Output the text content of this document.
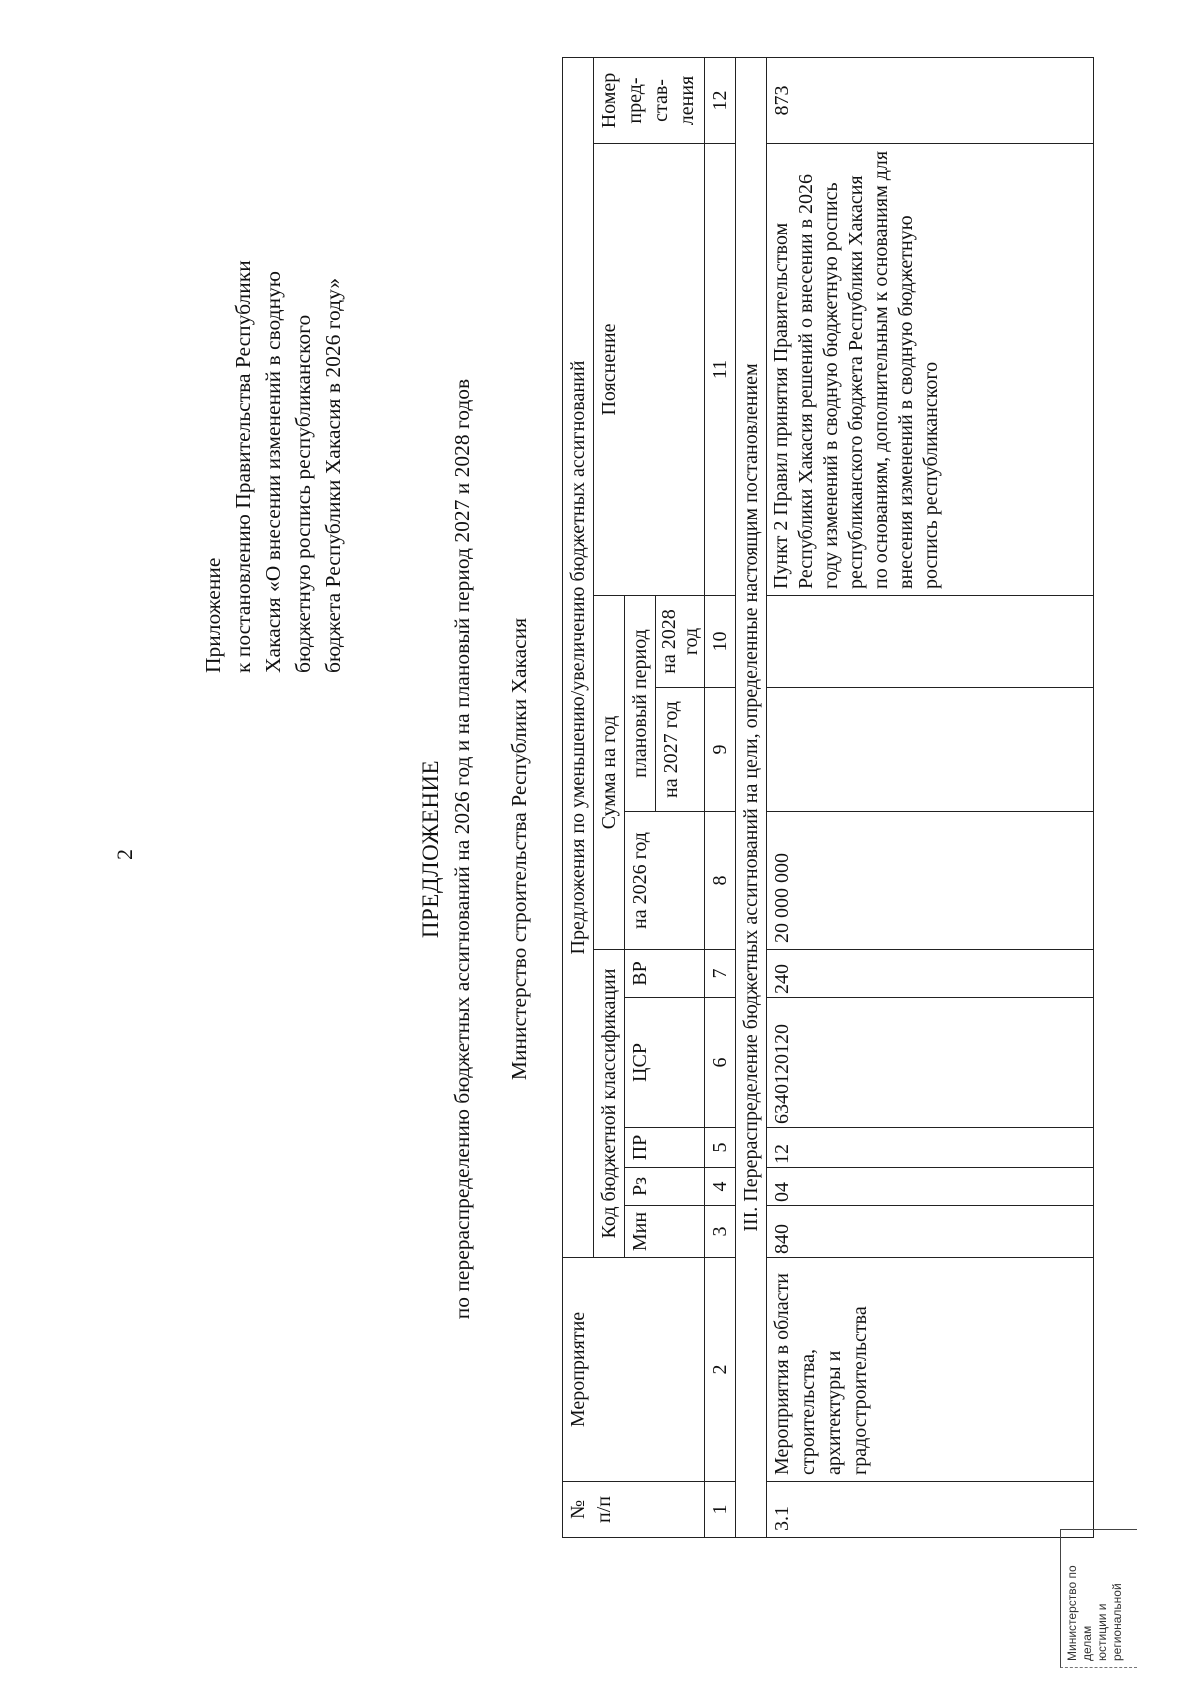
2
Приложение к постановлению Правительства Республики Хакасия «О внесении изменений в сводную бюджетную роспись республиканского бюджета Республики Хакасия в 2026 году»
ПРЕДЛОЖЕНИЕ по перераспределению бюджетных ассигнований на 2026 год и на плановый период 2027 и 2028 годов Министерство строительства Республики Хакасия
№
п/п	Мероприятие	Предложения по уменьшению/увеличению бюджетных ассигнований									
		Код бюджетной классификации					Сумма на год			Пояснение	Номер
пред-
став-
ления
		Мин	Рз	ПР	ЦСР	ВР	на 2026 год	плановый период			
								на 2027 год	на 2028 год		
1	2	3	4	5	6	7	8	9	10	11	12
III. Перераспределение бюджетных ассигнований на цели, определенные настоящим постановлением											
3.1	Мероприятия в области строительства, архитектуры и градостроительства	840	04	12	6340120120	240	20 000 000			Пункт 2 Правил принятия Правительством Республики Хакасия решений о внесении в 2026 году изменений в сводную бюджетную роспись республиканского бюджета Республики Хакасия по основаниям, дополнительным к основаниям для внесения изменений в сводную бюджетную роспись республиканского	873
Министерство по делам юстиции и региональной
